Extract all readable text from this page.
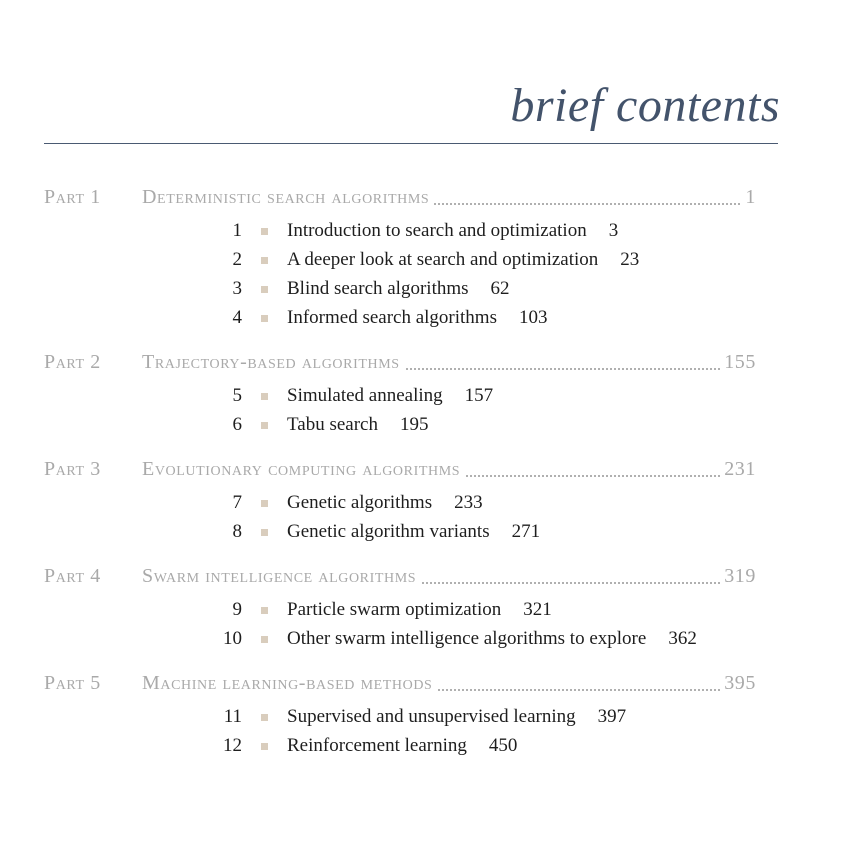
brief contents
Part 1 Deterministic search algorithms	1
1 Introduction to search and optimization 3
2 A deeper look at search and optimization 23
3 Blind search algorithms 62
4 Informed search algorithms 103
Part 2 Trajectory-based algorithms	155
5 Simulated annealing 157
6 Tabu search 195
Part 3 Evolutionary computing algorithms	231
7 Genetic algorithms 233
8 Genetic algorithm variants 271
Part 4 Swarm intelligence algorithms	319
9 Particle swarm optimization 321
10 Other swarm intelligence algorithms to explore 362
Part 5 Machine learning-based methods	395
11 Supervised and unsupervised learning 397
12 Reinforcement learning 450
